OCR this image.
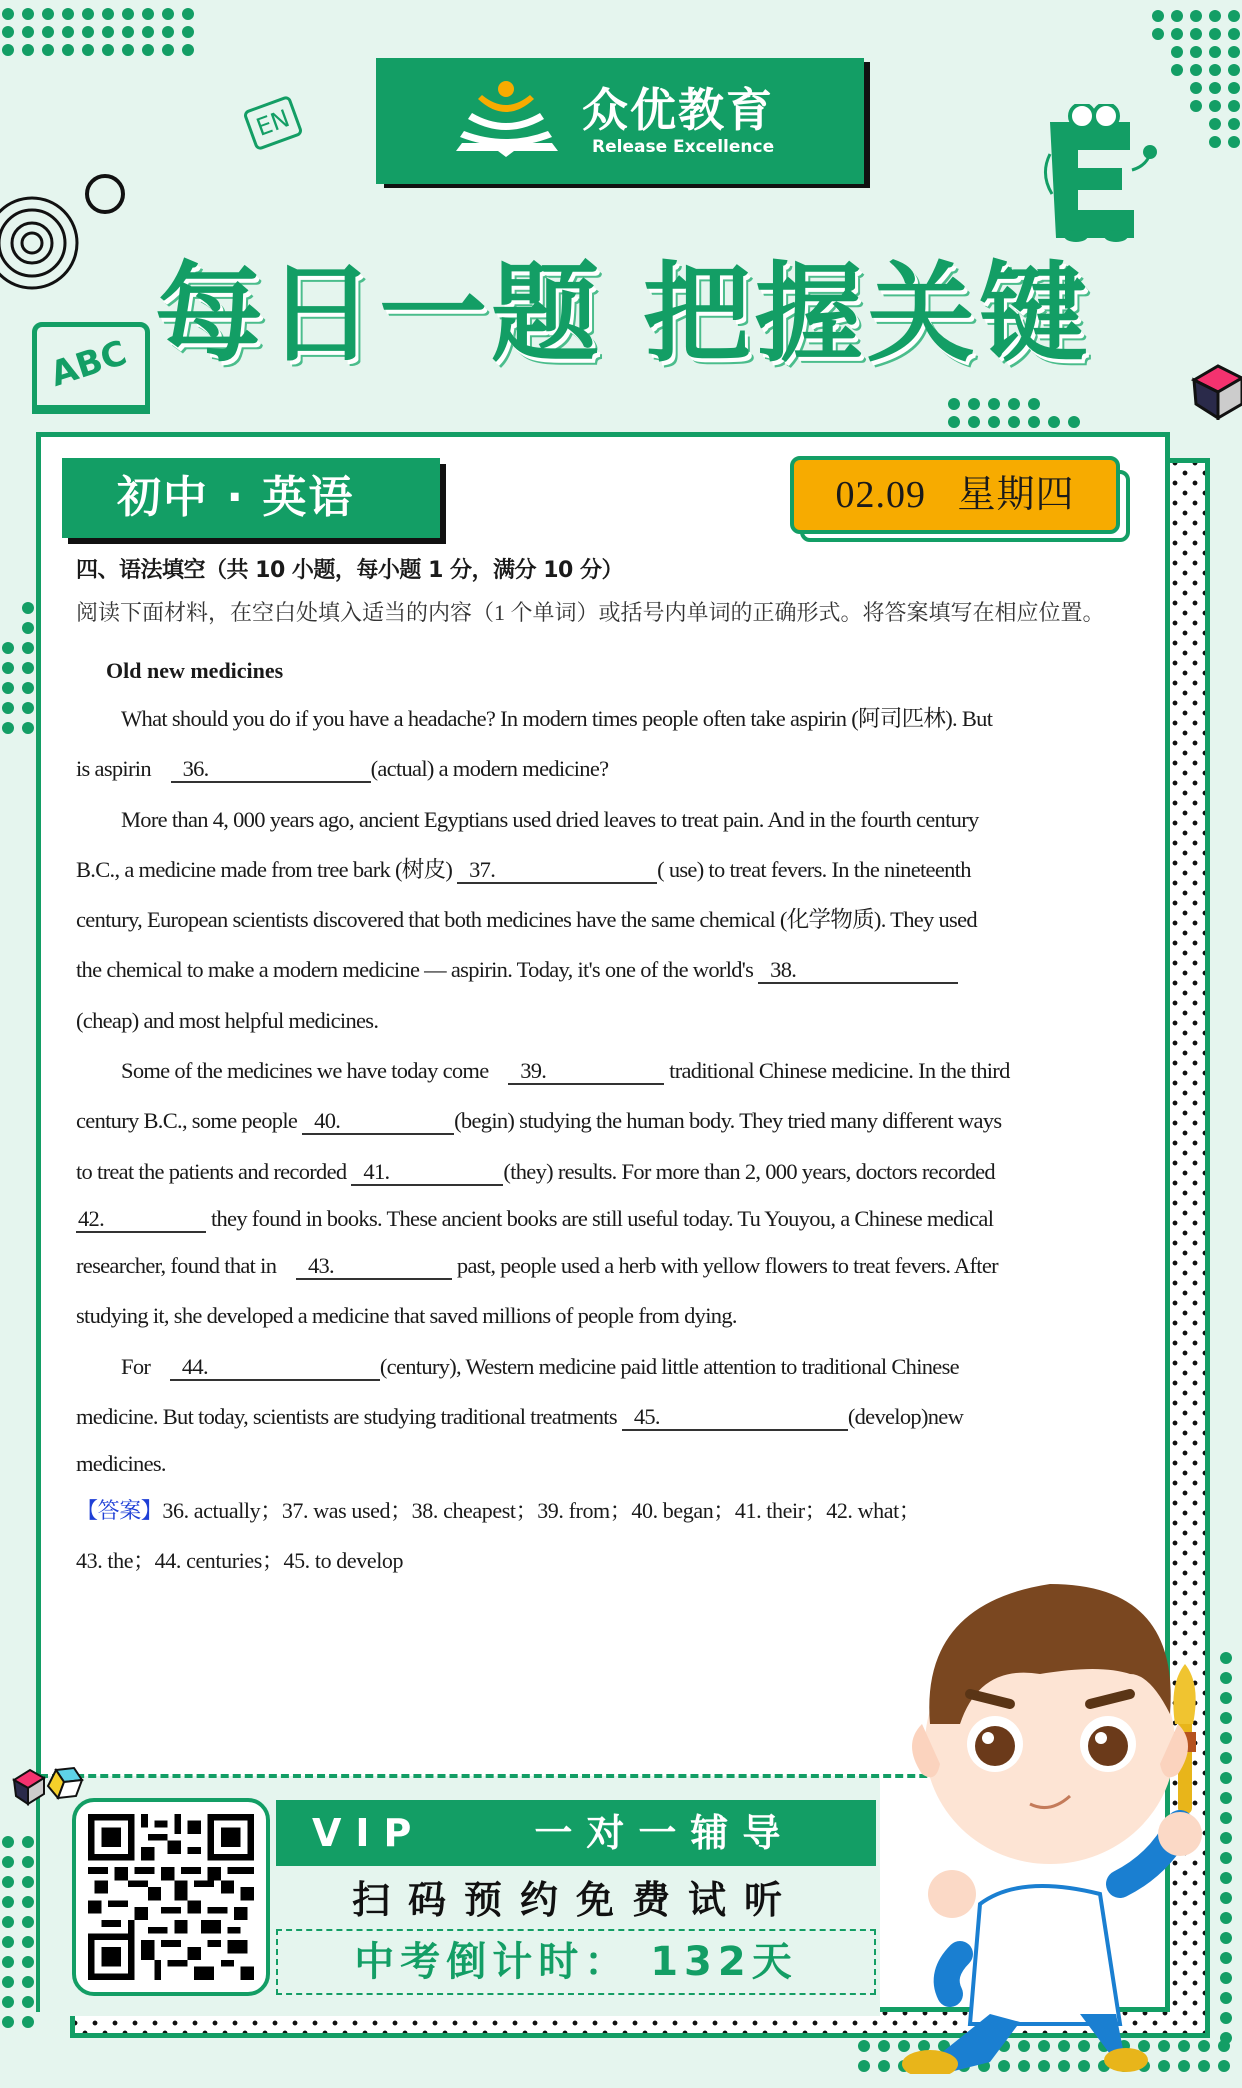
EN
ABC
众优教育
Release Excellence
每日一题 把握关键
初中 · 英语	02.09 星期四
四、语法填空（共 10 小题，每小题 1 分，满分 10 分）
阅读下面材料，在空白处填入适当的内容（1 个单词）或括号内单词的正确形式。将答案填写在相应位置。
Old new medicines
What should you do if you have a headache? In modern times people often take aspirin (阿司匹林). But
is aspirin 36.	(actual) a modern medicine?
More than 4, 000 years ago, ancient Egyptians used dried leaves to treat pain. And in the fourth century
B.C., a medicine made from tree bark (树皮) 37.	( use) to treat fevers. In the nineteenth
century, European scientists discovered that both medicines have the same chemical (化学物质). They used
the chemical to make a modern medicine — aspirin. Today, it's one of the world's 38.
(cheap) and most helpful medicines.
Some of the medicines we have today come 39.	traditional Chinese medicine. In the third
century B.C., some people 40.	(begin) studying the human body. They tried many different ways
to treat the patients and recorded 41.	(they) results. For more than 2, 000 years, doctors recorded
42.	they found in books. These ancient books are still useful today. Tu Youyou, a Chinese medical
researcher, found that in 43.	past, people used a herb with yellow flowers to treat fevers. After
studying it, she developed a medicine that saved millions of people from dying.
For 44.	(century), Western medicine paid little attention to traditional Chinese
medicine. But today, scientists are studying traditional treatments 45.	(develop)new
medicines.
【答案】36. actually；37. was used；38. cheapest；39. from；40. began；41. their；42. what；
43. the；44. centuries；45. to develop
VIP    一对一辅导
扫码预约免费试听
中考倒计时： 132天
